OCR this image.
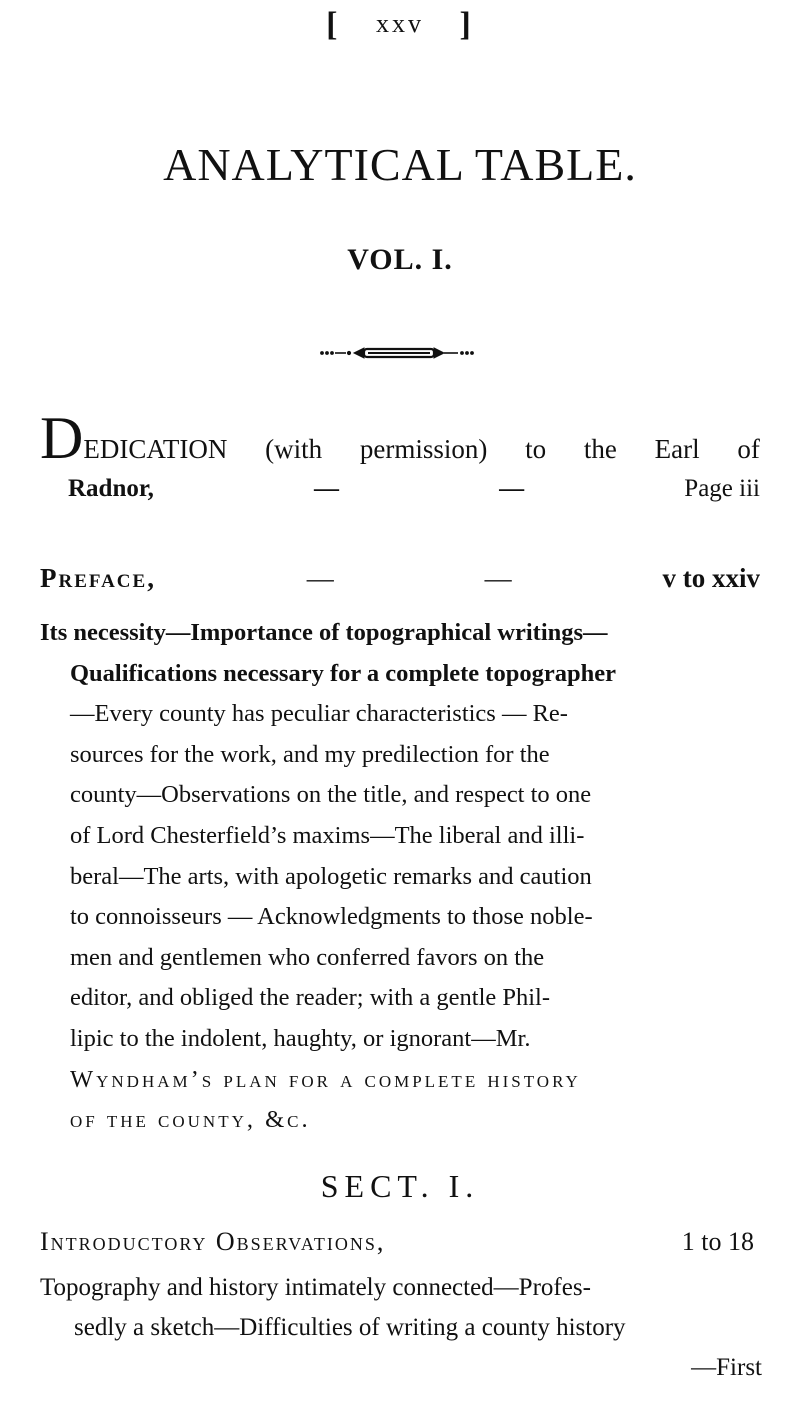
[ xxv ]
ANALYTICAL TABLE.
VOL. I.
DEDICATION (with permission) to the Earl of
Radnor,	—	—	Page iii
Preface,	—	—	v to xxiv
Its necessity—Importance of topographical writings—
Qualifications necessary for a complete topographer
—Every county has peculiar characteristics — Re-
sources for the work, and my predilection for the
county—Observations on the title, and respect to one
of Lord Chesterfield’s maxims—The liberal and illi-
beral—The arts, with apologetic remarks and caution
to connoisseurs — Acknowledgments to those noble-
men and gentlemen who conferred favors on the
editor, and obliged the reader; with a gentle Phil-
lipic to the indolent, haughty, or ignorant—Mr.
Wyndham’s plan for a complete history
of the county, &c.
SECT. I.
Introductory Observations,	1 to 18
Topography and history intimately connected—Profes-
sedly a sketch—Difficulties of writing a county history
—First
